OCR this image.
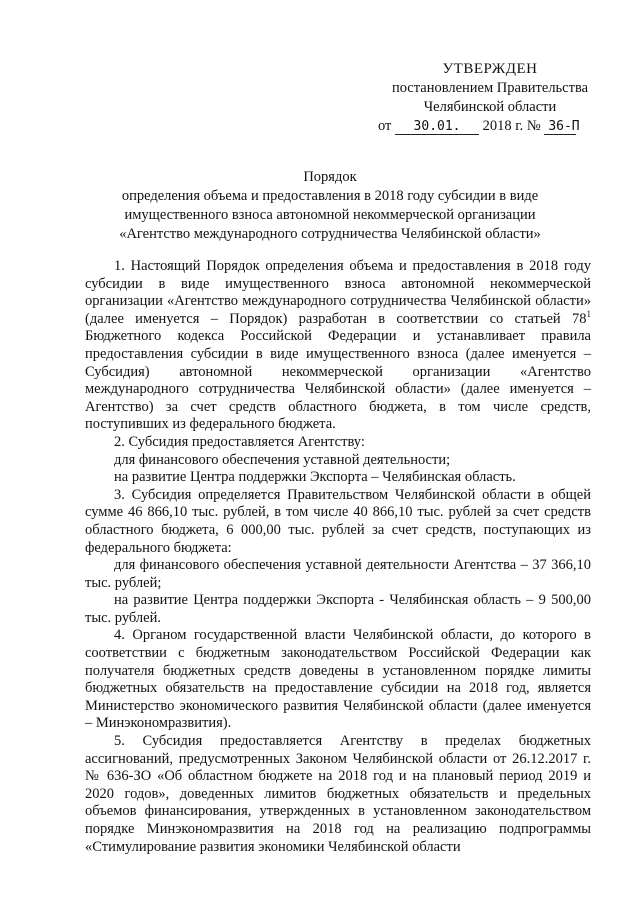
УТВЕРЖДЕН
постановлением Правительства
Челябинской области
от 30.01. 2018 г. № 36-П
Порядок
определения объема и предоставления в 2018 году субсидии в виде
имущественного взноса автономной некоммерческой организации
«Агентство международного сотрудничества Челябинской области»

1. Настоящий Порядок определения объема и предоставления в 2018 году субсидии в виде имущественного взноса автономной некоммерческой организации «Агентство международного сотрудничества Челябинской области» (далее именуется – Порядок) разработан в соответствии со статьей $78^1$ Бюджетного кодекса Российской Федерации и устанавливает правила предоставления субсидии в виде имущественного взноса (далее именуется – Субсидия) автономной некоммерческой организации «Агентство международного сотрудничества Челябинской области» (далее именуется – Агентство) за счет средств областного бюджета, в том числе средств, поступивших из федерального бюджета.

2. Субсидия предоставляется Агентству:

для финансового обеспечения уставной деятельности;

на развитие Центра поддержки Экспорта – Челябинская область.

3. Субсидия определяется Правительством Челябинской области в общей сумме 46 866,10 тыс. рублей, в том числе 40 866,10 тыс. рублей за счет средств областного бюджета, 6 000,00 тыс. рублей за счет средств, поступающих из федерального бюджета:

для финансового обеспечения уставной деятельности Агентства – 37 366,10 тыс. рублей;

на развитие Центра поддержки Экспорта - Челябинская область – 9 500,00 тыс. рублей.

4. Органом государственной власти Челябинской области, до которого в соответствии с бюджетным законодательством Российской Федерации как получателя бюджетных средств доведены в установленном порядке лимиты бюджетных обязательств на предоставление субсидии на 2018 год, является Министерство экономического развития Челябинской области (далее именуется – Минэкономразвития).

5. Субсидия предоставляется Агентству в пределах бюджетных ассигнований, предусмотренных Законом Челябинской области от 26.12.2017 г. № 636-ЗО «Об областном бюджете на 2018 год и на плановый период 2019 и 2020 годов», доведенных лимитов бюджетных обязательств и предельных объемов финансирования, утвержденных в установленном законодательством порядке Минэкономразвития на 2018 год на реализацию подпрограммы «Стимулирование развития экономики Челябинской области
